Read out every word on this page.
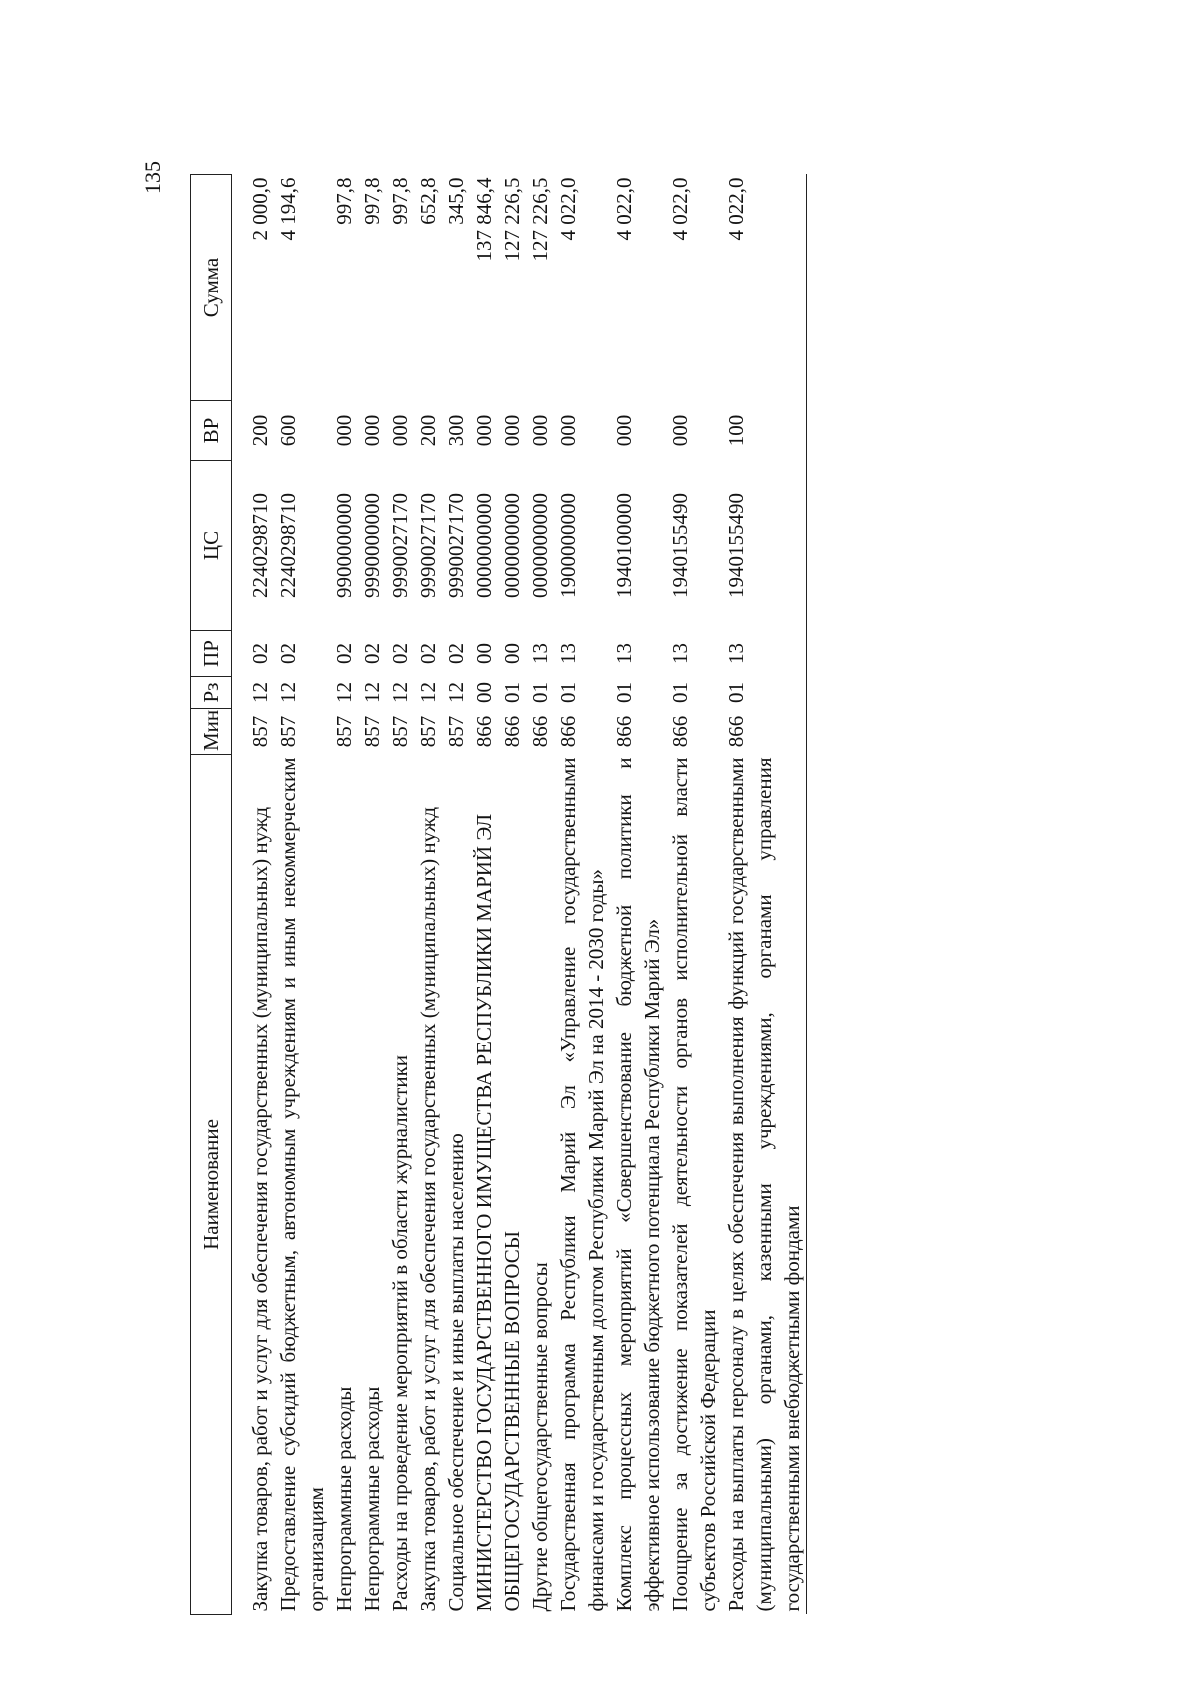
135
Наименование	Мин	Рз	ПР	ЦС	ВР	Сумма
Закупка товаров, работ и услуг для обеспечения государственных (муниципальных) нужд	857	12	02	2240298710	200	2 000,0
Предоставление субсидий бюджетным, автономным учреждениям и иным некоммерческим организациям	857	12	02	2240298710	600	4 194,6
Непрограммные расходы	857	12	02	9900000000	000	997,8
Непрограммные расходы	857	12	02	9990000000	000	997,8
Расходы на проведение мероприятий в области журналистики	857	12	02	9990027170	000	997,8
Закупка товаров, работ и услуг для обеспечения государственных (муниципальных) нужд	857	12	02	9990027170	200	652,8
Социальное обеспечение и иные выплаты населению	857	12	02	9990027170	300	345,0
МИНИСТЕРСТВО ГОСУДАРСТВЕННОГО ИМУЩЕСТВА РЕСПУБЛИКИ МАРИЙ ЭЛ	866	00	00	0000000000	000	137 846,4
ОБЩЕГОСУДАРСТВЕННЫЕ ВОПРОСЫ	866	01	00	0000000000	000	127 226,5
Другие общегосударственные вопросы	866	01	13	0000000000	000	127 226,5
Государственная программа Республики Марий Эл «Управление государственными финансами и государственным долгом Республики Марий Эл на 2014 - 2030 годы»	866	01	13	1900000000	000	4 022,0
Комплекс процессных мероприятий «Совершенствование бюджетной политики и эффективное использование бюджетного потенциала Республики Марий Эл»	866	01	13	1940100000	000	4 022,0
Поощрение за достижение показателей деятельности органов исполнительной власти субъектов Российской Федерации	866	01	13	1940155490	000	4 022,0
Расходы на выплаты персоналу в целях обеспечения выполнения функций государственными (муниципальными) органами, казенными учреждениями, органами управления государственными внебюджетными фондами	866	01	13	1940155490	100	4 022,0
